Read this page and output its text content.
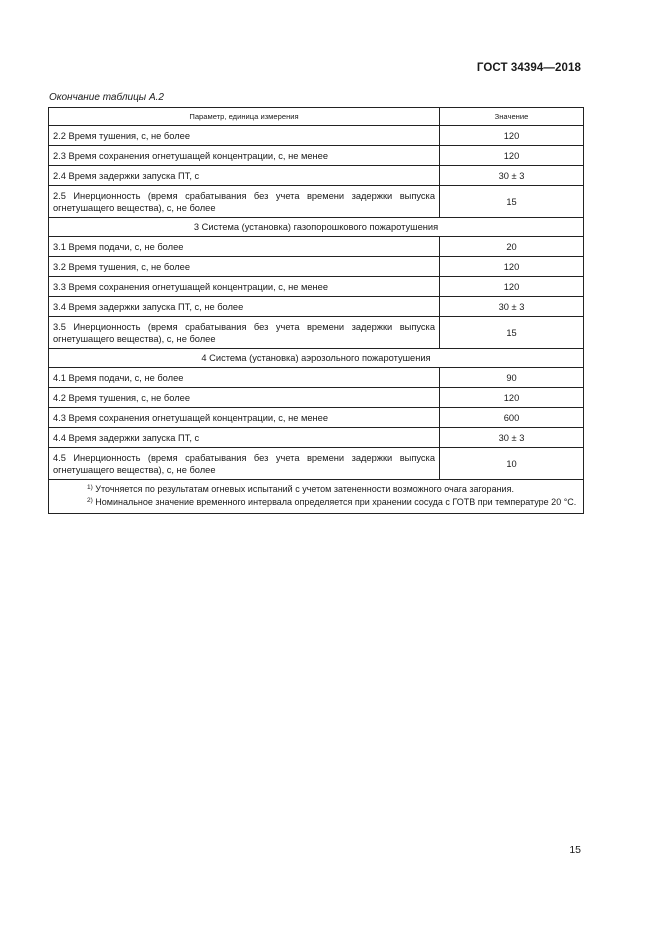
ГОСТ 34394—2018
Окончание таблицы А.2
Параметр, единица измерения	Значение
2.2 Время тушения, с, не более	120
2.3 Время сохранения огнетушащей концентрации, с, не менее	120
2.4 Время задержки запуска ПТ, с	30 ± 3
2.5 Инерционность (время срабатывания без учета времени задержки выпуска огнетушащего вещества), с, не более	15
3 Система (установка) газопорошкового пожаротушения	
3.1 Время подачи, с, не более	20
3.2 Время тушения, с, не более	120
3.3 Время сохранения огнетушащей концентрации, с, не менее	120
3.4 Время задержки запуска ПТ, с, не более	30 ± 3
3.5 Инерционность (время срабатывания без учета времени задержки выпуска огнетушащего вещества), с, не более	15
4 Система (установка) аэрозольного пожаротушения	
4.1 Время подачи, с, не более	90
4.2 Время тушения, с, не более	120
4.3 Время сохранения огнетушащей концентрации, с, не менее	600
4.4 Время задержки запуска ПТ, с	30 ± 3
4.5 Инерционность (время срабатывания без учета времени задержки выпуска огнетушащего вещества), с, не более	10

$^{1)}$ Уточняется по результатам огневых испытаний с учетом затененности возможного очага загорания.
$^{2)}$ Номинальное значение временного интервала определяется при хранении сосуда с ГОТВ при температуре 20 °С.	
15
